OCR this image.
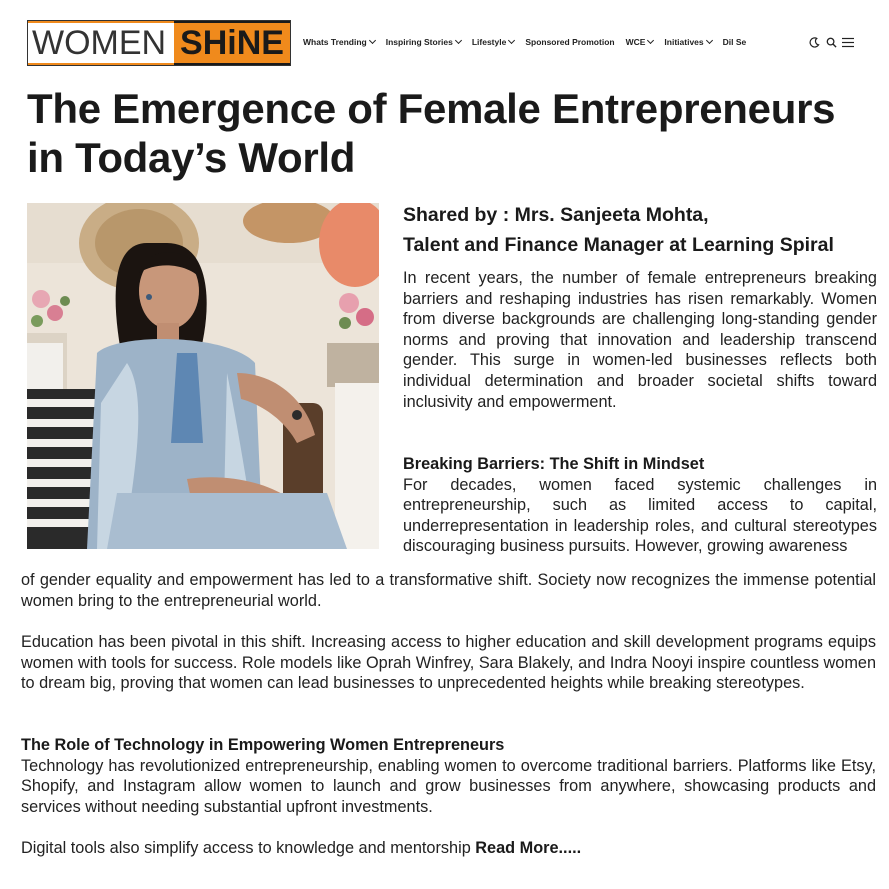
WOMEN SHiNE	Whats Trending Inspiring Stories Lifestyle Sponsored Promotion WCE Initiatives Dil Se
The Emergence of Female Entrepreneurs in Today’s World
Shared by : Mrs. Sanjeeta Mohta,
Talent and Finance Manager at Learning Spiral

In recent years, the number of female entrepreneurs breaking barriers and reshaping industries has risen remarkably. Women from diverse backgrounds are challenging long-standing gender norms and proving that innovation and leadership transcend gender. This surge in women-led businesses reflects both individual determination and broader societal shifts toward inclusivity and empowerment.

Breaking Barriers: The Shift in Mindset
For decades, women faced systemic challenges in entrepreneurship, such as limited access to capital, underrepresentation in leadership roles, and cultural stereotypes discouraging business pursuits. However, growing awareness

of gender equality and empowerment has led to a transformative shift. Society now recognizes the immense potential women bring to the entrepreneurial world.

Education has been pivotal in this shift. Increasing access to higher education and skill development programs equips women with tools for success. Role models like Oprah Winfrey, Sara Blakely, and Indra Nooyi inspire countless women to dream big, proving that women can lead businesses to unprecedented heights while breaking stereotypes.

The Role of Technology in Empowering Women Entrepreneurs
Technology has revolutionized entrepreneurship, enabling women to overcome traditional barriers. Platforms like Etsy, Shopify, and Instagram allow women to launch and grow businesses from anywhere, showcasing products and services without needing substantial upfront investments.

Digital tools also simplify access to knowledge and mentorship Read More.....
